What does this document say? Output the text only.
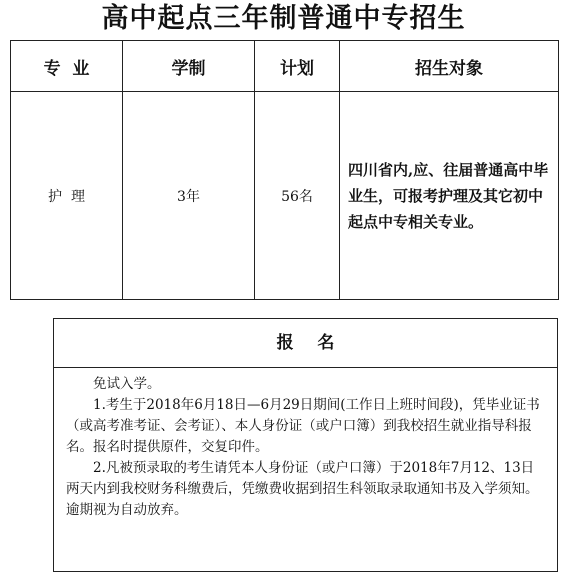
高中起点三年制普通中专招生
专  业	学制	计划	招生对象
护  理	3年	56名	四川省内,应、往届普通高中毕业生，可报考护理及其它初中起点中专相关专业。
报    名

免试入学。

1.考生于2018年6月18日—6月29日期间(工作日上班时间段)，凭毕业证书（或高考准考证、会考证）、本人身份证（或户口簿）到我校招生就业指导科报名。报名时提供原件，交复印件。

2.凡被预录取的考生请凭本人身份证（或户口簿）于2018年7月12、13日两天内到我校财务科缴费后，凭缴费收据到招生科领取录取通知书及入学须知。逾期视为自动放弃。
